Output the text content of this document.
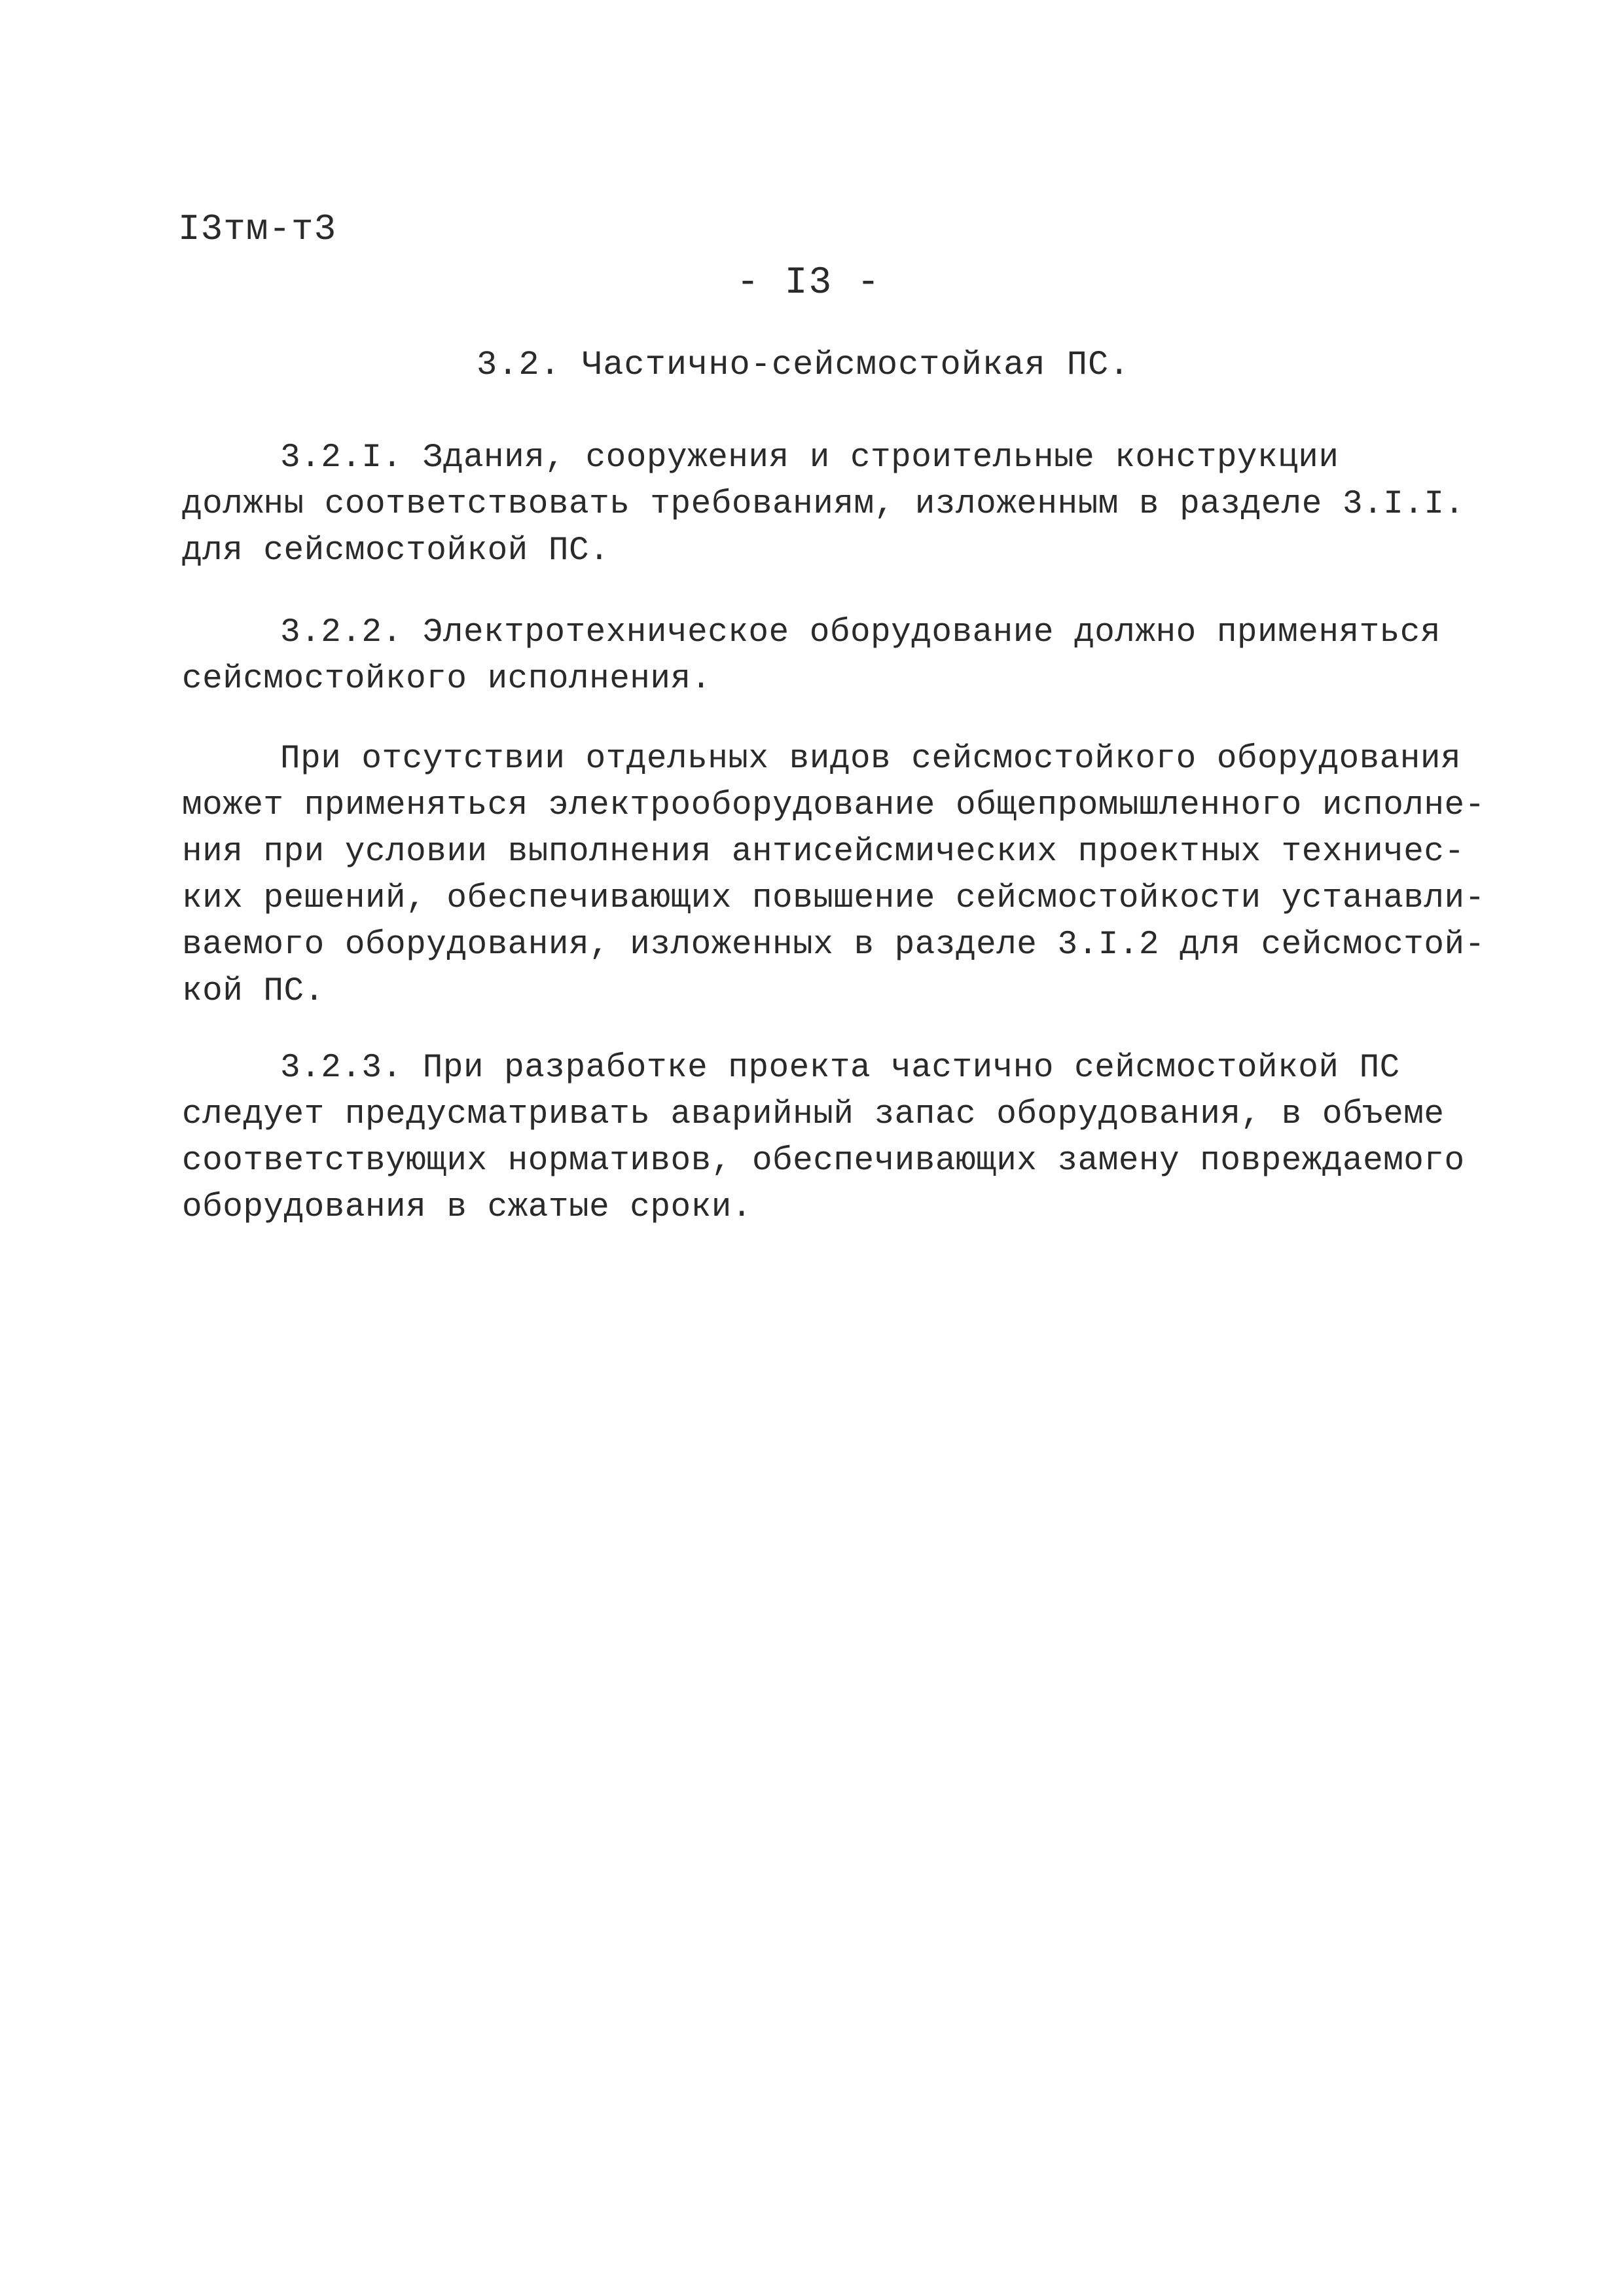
I3тм-т3
- I3 -
3.2. Частично-сейсмостойкая ПС.
3.2.I. Здания, сооружения и строительные конструкции
должны соответствовать требованиям, изложенным в разделе 3.I.I.
для сейсмостойкой ПС.
3.2.2. Электротехническое оборудование должно применяться
сейсмостойкого исполнения.
При отсутствии отдельных видов сейсмостойкого оборудования
может применяться электрооборудование общепромышленного исполне-
ния при условии выполнения антисейсмических проектных техничес-
ких решений, обеспечивающих повышение сейсмостойкости устанавли-
ваемого оборудования, изложенных в разделе 3.I.2 для сейсмостой-
кой ПС.
3.2.3. При разработке проекта частично сейсмостойкой ПС
следует предусматривать аварийный запас оборудования, в объеме
соответствующих нормативов, обеспечивающих замену повреждаемого
оборудования в сжатые сроки.
